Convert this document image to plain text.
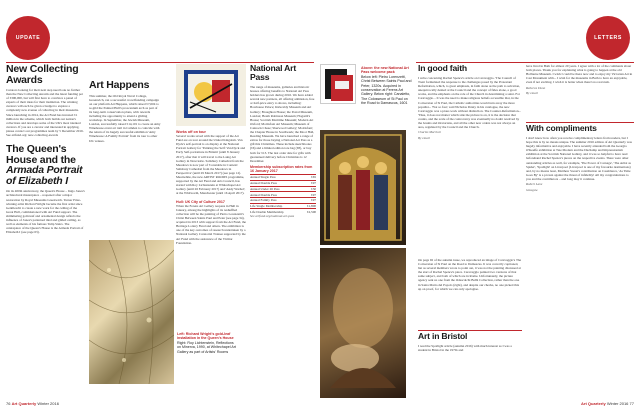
UPDATE
New Collecting Awards

Curators looking for their next step need look no further than the New Collecting Awards and the latest funding pot of £300,000, but will first have to convince a panel of experts of their ideas for their institution. The winning curators will each be given a budget to explore a completely new avenue of collecting in their museums. Since launching in 2014, the Art Fund has invested £1 million in the scheme, which both builds our nation's collections and develops some of the UK's most talented curators. If you are a curator and interested in applying, please contact our programmes team by 5 December 2016. See artfund.org/ new-collecting-awards

The Queen's House and the
Armada Portrait of Elizabeth I

On its 400th anniversary, the Queen's House – Inigo Jones's architectural masterpiece – reopened after a major restoration by Royal Museums Greenwich. Turner Prize-winning artist Richard Wright became the first artist since Gentileschi to create a new work for the ceiling of the Great Hall, commissioned with Art Fund support. The shimmering gold-leaf and ornamental design reflects the influence of Jones's patterned tiled and gilded ceiling, as well as elements of his famous Tulip Stairs. The centrepiece of the Queen's House is the Armada Portrait of Elizabeth I (see page 63).

Art Happens

This summer, the Old Royal Naval College, Greenwich, ran a successful crowdfunding campaign on our platform Art Happens, which raised £7,604 to re-gild the Painted Hall's proscenium arch as part of its long-term conservation plans, with rewards including the opportunity to attend a gilding workshop. In September, the Jewish Museum, London, successfully raised £14,101 to create an Amy Winehouse event art trail in Camden to coincide with the return of its hugely successful exhibition 'Amy Winehouse: A Family Portrait' from its tour to other UK venues.

Left: Richard Wright's gold-leaf installation in the Queen's House
Right: Roy Lichtenstein, Reflections on Minerva, 1990, at Whitechapel Art Gallery as part of Artists' Rooms
Works off on tour

Several works saved with the support of the Art Fund are on tour around the United Kingdom. Van Dyck's self-portrait is on display at the National Portrait Gallery for 'Painting the Self: Van Dyck and Early Self-portraiture in Britain' (until 8 January 2017), after that it will travel to the Laing Art Gallery in Newcastle. Salisbury Cathedral from the Meadows is now part of 'Constable in Context: Salisbury Cathedral from the Meadows in Perspective' (until 29 March 2017) (see page 12). Meanwhile, the new ARTIST ROOMS programme, supported by the Art Fund and Arts Council, has started with Roy Lichtenstein at Whitechapel Art Gallery (until 26 February 2017) and 'Andy Warhol', at the Whitworth, Manchester (until 16 April 2017).

Hull: UK City of Culture 2017

When the Ferens Art Gallery reopens in Hull in January, among the highlights of its reshuffled collection will be the painting of Pietro Lorenzetti's Christ Between Saints Paul and Peter (see page 34), acquired in 2013 with support from the Art Fund, the Heritage Lottery Fund and others. The exhibition is one of the key outcomes of research undertaken by a National Gallery Curatorial Trainee supported by the Art Fund with the assistance of the Vivmar Foundation.

National Art Pass

The range of museums, galleries and historic houses offering benefits to National Art Pass holders has grown during 2016. We have added several new partners, all offering admission, free or half-price entry to shows, including: Bowhouse Palace; Kirkcaldy Museum and Art Gallery; Broughton House; the Postal Museum, London; Heath Robinson Museum; Hogarth's House; Scottish Maritime Museum; Modern Art Oxford; Mottisfont Art Museum; Museum of Cannock Chase; Sherwood Gallery; Mottisfont; the Chapter House in Southwark; the Moot Hall, Reading Museum. We have launched a range of extras for those buying a National Art Pass as a gift this Christmas. These include sketchbooks (£6) and a limited edition tote bag (£8), or buy both for £13. The last order date for gifts with guaranteed delivery before Christmas is 12 December.

Membership subscription rates from 16 January 2017

Annual Single Pass	£65
Annual Double Pass	£97
Annual Under 26 Pass	£30
Annual Double Pass	£97
Annual Family Pass	£97
Life Single Membership	£1,800
Life Double Membership	£2,500

See artfund.org/national-art-pass

Above: the new National Art Pass welcome pack
Below left: Pietro Lorenzetti, Christ Between Saints Paul and Peter, 1320s. Acquired in conservation at Ferens Art Gallery. Below right: Canaletto, The Colosseum of St Paul on the Road to Damascus, 1601
76 Art Quarterly Winter 2016
LETTERS
In good faith

I write concerning Rachel Spence's article on Caravaggio. 'The Council of Trent formulated the response to the challenges posed by the Protestant Reformation, which, to great emphasis, in faith alone as the path to salvation, unequivocally denied at the Council and the concept of fides alone, a good works, and the emphasis on the role of the Church in determining a saint. For Caravaggio... It was the need to make religious beliefs accessible that, in the Conversion of St Paul, the Catholic authorities would turn away the more populist... 'Not so fast,' said Nicholas Penny in his catalogue, the new Caravaggio was a pious work without distinction. The Counter-Reformation... 'Thus, it does not matter which side the picture is on, it is the decision that counts, and the scale of the controversy was eventually no doubt resolved by the Jesuits and Oratorians, and all the other new orders was not always an area, regulated by the Council and the Church.

Charles Marriott

By email

On page 92 of the autumn issue, we reproduced an image of Caravaggio's The Conversion of St Paul on the Road to Damascus. It was correctly captioned, but as several members wrote to point out, it was not the painting discussed at the start of Rachel Spence's piece. Caravaggio painted two versions of that same subject, and both of which are in Rome. Unfortunately, the picture agency sent us one from the Odescalchi Balbi Collection, rather than the one in Santa Maria del Popolo (right), and despite our checks, no one picked this up on proof, for which we can only apologise.

Art in Bristol

I read the Spotlight article (autumn 2016) with much interest as I was a student in Bristol in the 1970s and

have lived in Bath for almost 20 years. I agree with a lot of the comments about both places. Thank you for explaining what is going to happen at the old Holburne Museum. I wish I could be there now and to enjoy my Victorian Art in Cast Monument with... I wish for the museums in Bath to have an enjoyable, even if not exciting. I wish it is better when there's no real rush.

Rebecca Dunn

By email

With compliments

I don't know how often you receive complimentary letters from readers, but I hope this is by no means unique. The summer 2016 edition of Art Quarterly was hugely informative and enjoyable. I have recently attended both the Georgia O'Keeffe exhibition at Tate Modern and the Duchamp and Impressionism exhibition at the Scottish National Gallery, and it was so helpful to have read beforehand Rachel Spence's pieces on the respective events. There were other outstanding articles as well, for example, 'The Power of Carnage', 'The Artist as Spider', 'Spotlight' on Liverpool (Liverpool is one of my favourite destinations) and, by no means least, Matthew Sweet's contribution on Casablanca, 'As Time Goes By' is a proven against the threat of infidelity! All my congratulations to you and the contributors – and long may it continue.

Robert Lane

Glasgow

Art Quarterly Winter 2016 77
